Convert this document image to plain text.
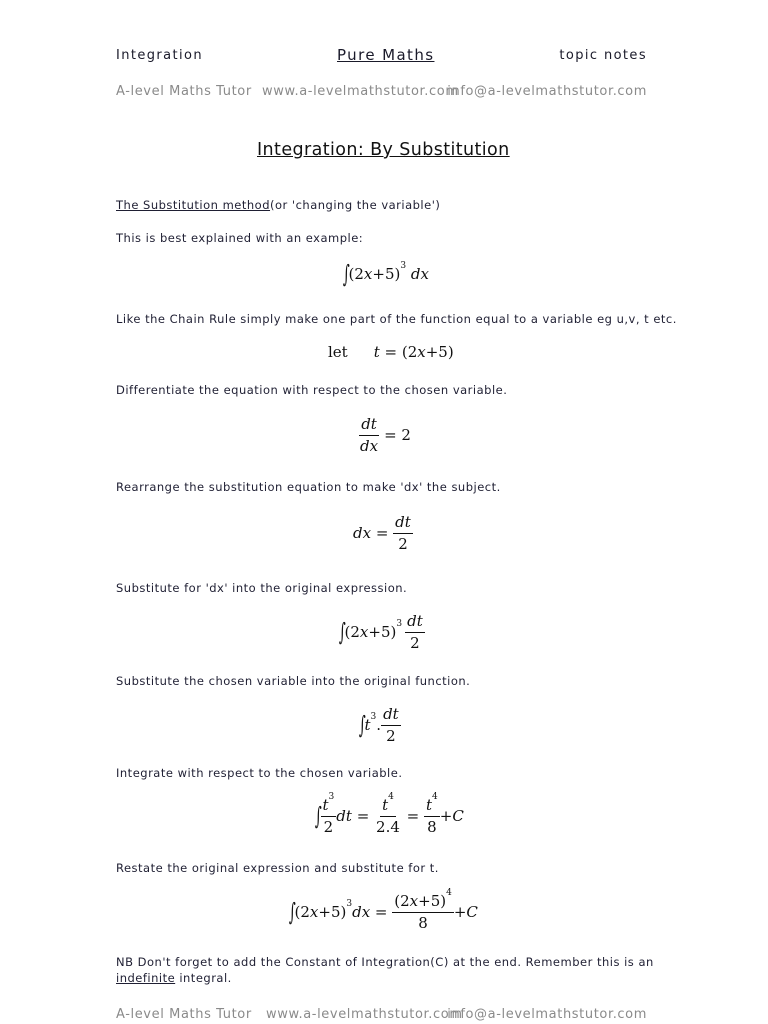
Integration	Pure Maths	topic notes
A-level Maths Tutor www.a-levelmathstutor.com
info@a-levelmathstutor.com
Integration: By Substitution
The Substitution method(or 'changing the variable')
This is best explained with an example:
∫
$(2x+5)^3$ dx
Like the Chain Rule simply make one part of the function equal to a variable eg u,v, t etc.
let t = (2x+5)
Differentiate the equation with respect to the chosen variable.
$\frac{dt}{dx} = 2$
Rearrange the substitution equation to make 'dx' the subject.
dx = $\frac{dt}{2}$
Substitute for 'dx' into the original expression.
∫
$(2x+5)^3 \frac{dt}{2}$
Substitute the chosen variable into the original function.
∫
$t^3$. $\frac{dt}{2}$
Integrate with respect to the chosen variable.
∫
$\frac{t^3}{2}$ dt = $\frac{t^4}{2.4} = \frac{t^4}{8} +C$
Restate the original expression and substitute for t.
∫
$(2x+5)^3dx = \frac{(2x+5)^4}{8} +C$
NB Don't forget to add the Constant of Integration(C) at the end. Remember this is an
indefinite integral.
A-level Maths Tutor www.a-levelmathstutor.com
info@a-levelmathstutor.com
